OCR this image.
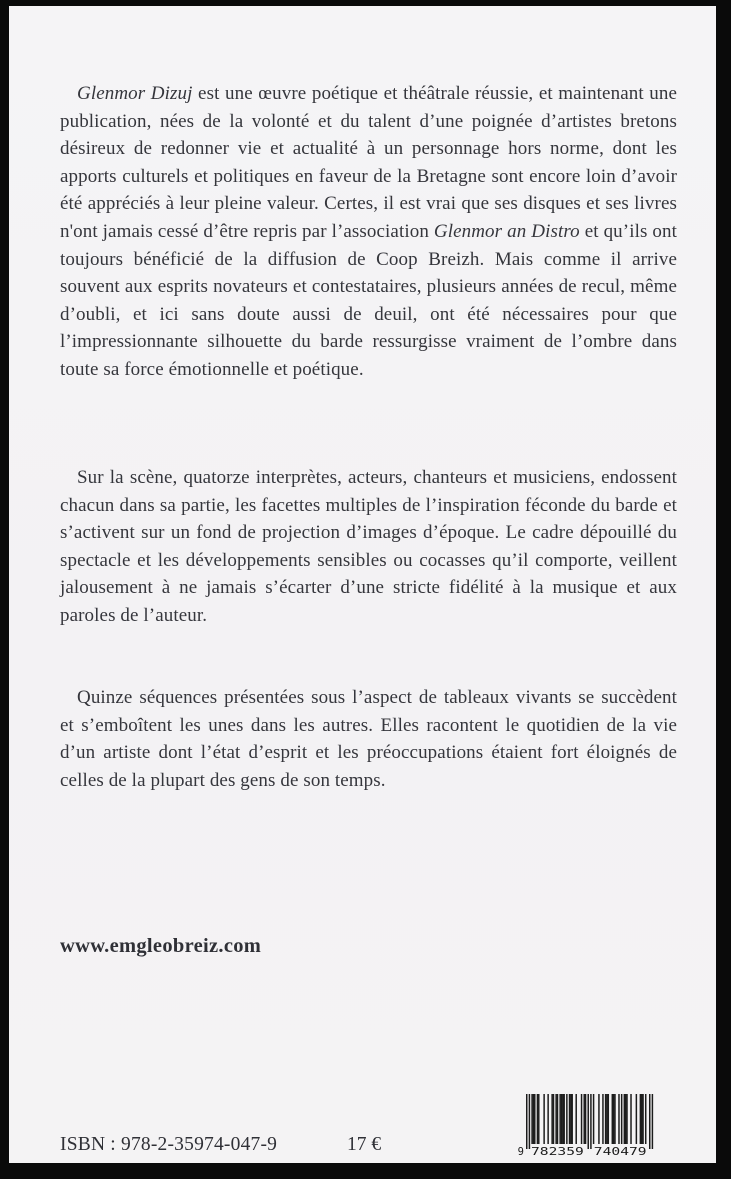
Glenmor Dizuj est une œuvre poétique et théâtrale réussie, et maintenant une publication, nées de la volonté et du talent d’une poignée d’artistes bretons désireux de redonner vie et actualité à un personnage hors norme, dont les apports culturels et politiques en faveur de la Bretagne sont encore loin d’avoir été appréciés à leur pleine valeur. Certes, il est vrai que ses disques et ses livres n'ont jamais cessé d’être repris par l’association Glenmor an Distro et qu’ils ont toujours bénéficié de la diffusion de Coop Breizh. Mais comme il arrive souvent aux esprits novateurs et contestataires, plusieurs années de recul, même d’oubli, et ici sans doute aussi de deuil, ont été nécessaires pour que l’impressionnante silhouette du barde ressurgisse vraiment de l’ombre dans toute sa force émotionnelle et poétique.

Sur la scène, quatorze interprètes, acteurs, chanteurs et musiciens, endossent chacun dans sa partie, les facettes multiples de l’inspiration féconde du barde et s’activent sur un fond de projection d’images d’époque. Le cadre dépouillé du spectacle et les développements sensibles ou cocasses qu’il comporte, veillent jalousement à ne jamais s’écarter d’une stricte fidélité à la musique et aux paroles de l’auteur.

Quinze séquences présentées sous l’aspect de tableaux vivants se succèdent et s’emboîtent les unes dans les autres. Elles racontent le quotidien de la vie d’un artiste dont l’état d’esprit et les préoccupations étaient fort éloignés de celles de la plupart des gens de son temps.

www.emgleobreiz.com
ISBN : 978-2-35974-047-9	17 €	9 782359 740479
